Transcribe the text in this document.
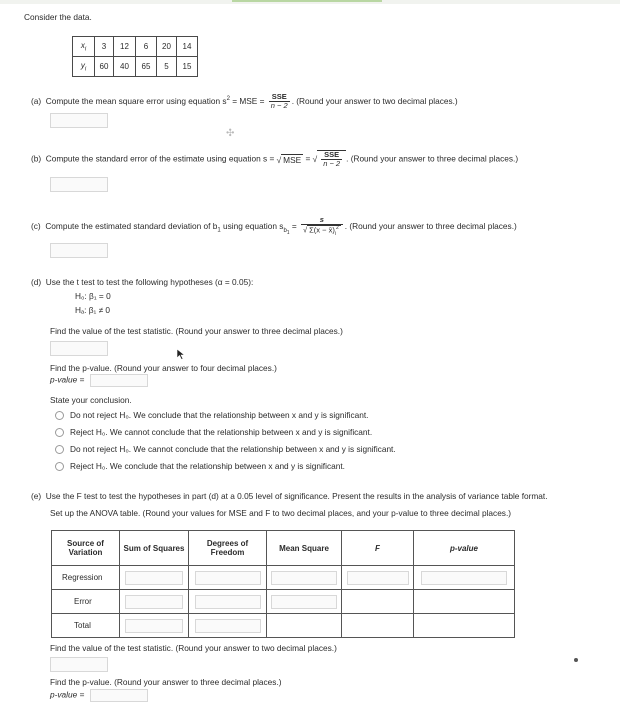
Consider the data.
$x_i$	3	12	6	20	14
$y_i$	60	40	65	5	15
(a) Compute the mean square error using equation $s^2$ = MSE = $\frac{\text{SSE}}{n - 2}$ . (Round your answer to two decimal places.)
✣
(b) Compute the standard error of the estimate using equation s = √ MSE = √ $\frac{\text{SSE}}{n - 2}$ . (Round your answer to three decimal places.)
(c) Compute the estimated standard deviation of $b_1$ using equation $s_{b_1} = \frac{s}{√ \Sigma(x - x̄)_i^2}$ . (Round your answer to three decimal places.)
(d) Use the t test to test the following hypotheses (α = 0.05):
H₀: β₁ = 0
Hₐ: β₁ ≠ 0
Find the value of the test statistic. (Round your answer to three decimal places.)
Find the p-value. (Round your answer to four decimal places.)
p-value =
State your conclusion.
Do not reject H₀. We conclude that the relationship between x and y is significant.
Reject H₀. We cannot conclude that the relationship between x and y is significant.
Do not reject H₀. We cannot conclude that the relationship between x and y is significant.
Reject H₀. We conclude that the relationship between x and y is significant.
(e) Use the F test to test the hypotheses in part (d) at a 0.05 level of significance. Present the results in the analysis of variance table format.
Set up the ANOVA table. (Round your values for MSE and F to two decimal places, and your p-value to three decimal places.)
Source of Variation	Sum of Squares	Degrees of Freedom	Mean Square	F	p-value
Regression	

Error	

Total	

Find the value of the test statistic. (Round your answer to two decimal places.)
Find the p-value. (Round your answer to three decimal places.)
p-value =
